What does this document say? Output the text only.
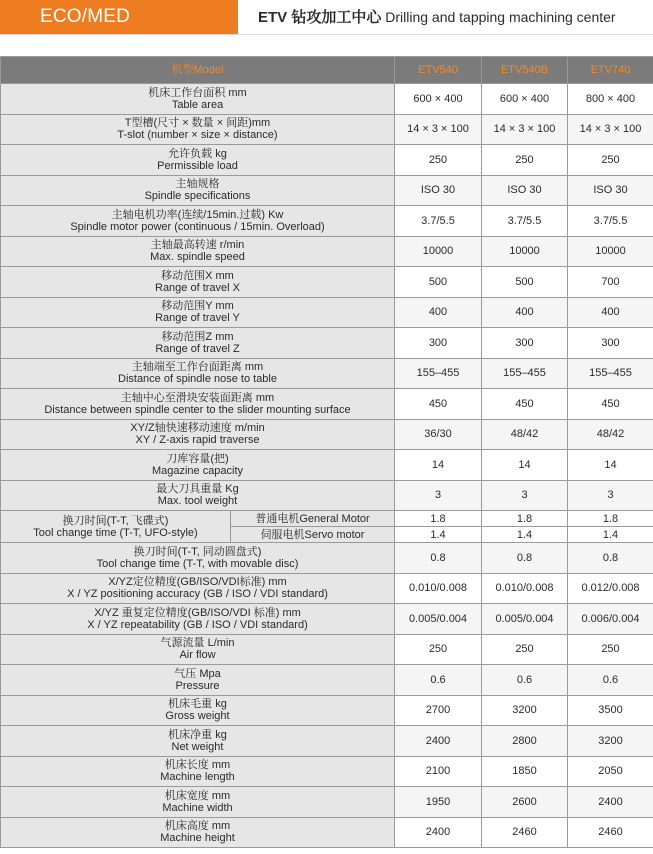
ECO/MED	ETV 钻攻加工中心 Drilling and tapping machining center
机型Model		ETV540	ETV540B	ETV740

机床工作台面积 mm
Table area		600 × 400	600 × 400	800 × 400

T型槽(尺寸 × 数量 × 间距)mm
T-slot (number × size × distance)		14 × 3 × 100	14 × 3 × 100	14 × 3 × 100

允许负载 kg
Permissible load		250	250	250

主轴规格
Spindle specifications		ISO 30	ISO 30	ISO 30

主轴电机功率(连续/15min.过载) Kw
Spindle motor power (continuous / 15min. Overload)		3.7/5.5	3.7/5.5	3.7/5.5

主轴最高转速 r/min
Max. spindle speed		10000	10000	10000

移动范围X mm
Range of travel X		500	500	700

移动范围Y mm
Range of travel Y		400	400	400

移动范围Z mm
Range of travel Z		300	300	300

主轴端至工作台面距离 mm
Distance of spindle nose to table		155–455	155–455	155–455

主轴中心至滑块安装面距离 mm
Distance between spindle center to the slider mounting surface		450	450	450

XY/Z轴快速移动速度 m/min
XY / Z-axis rapid traverse		36/30	48/42	48/42

刀库容量(把)
Magazine capacity		14	14	14

最大刀具重量 Kg
Max. tool weight		3	3	3

换刀时间(T-T, 飞碟式)
Tool change time (T-T, UFO-style)	普通电机General Motor	1.8	1.8	1.8
	伺服电机Servo motor	1.4	1.4	1.4

换刀时间(T-T, 同动圆盘式)
Tool change time (T-T, with movable disc)		0.8	0.8	0.8

X/YZ定位精度(GB/ISO/VDI标准) mm
X / YZ positioning accuracy (GB / ISO / VDI standard)		0.010/0.008	0.010/0.008	0.012/0.008

X/YZ 重复定位精度(GB/ISO/VDI 标准) mm
X / YZ repeatability (GB / ISO / VDI standard)		0.005/0.004	0.005/0.004	0.006/0.004

气源流量 L/min
Air flow		250	250	250

气压 Mpa
Pressure		0.6	0.6	0.6

机床毛重 kg
Gross weight		2700	3200	3500

机床净重 kg
Net weight		2400	2800	3200

机床长度 mm
Machine length		2100	1850	2050

机床宽度 mm
Machine width		1950	2600	2400

机床高度 mm
Machine height		2400	2460	2460
